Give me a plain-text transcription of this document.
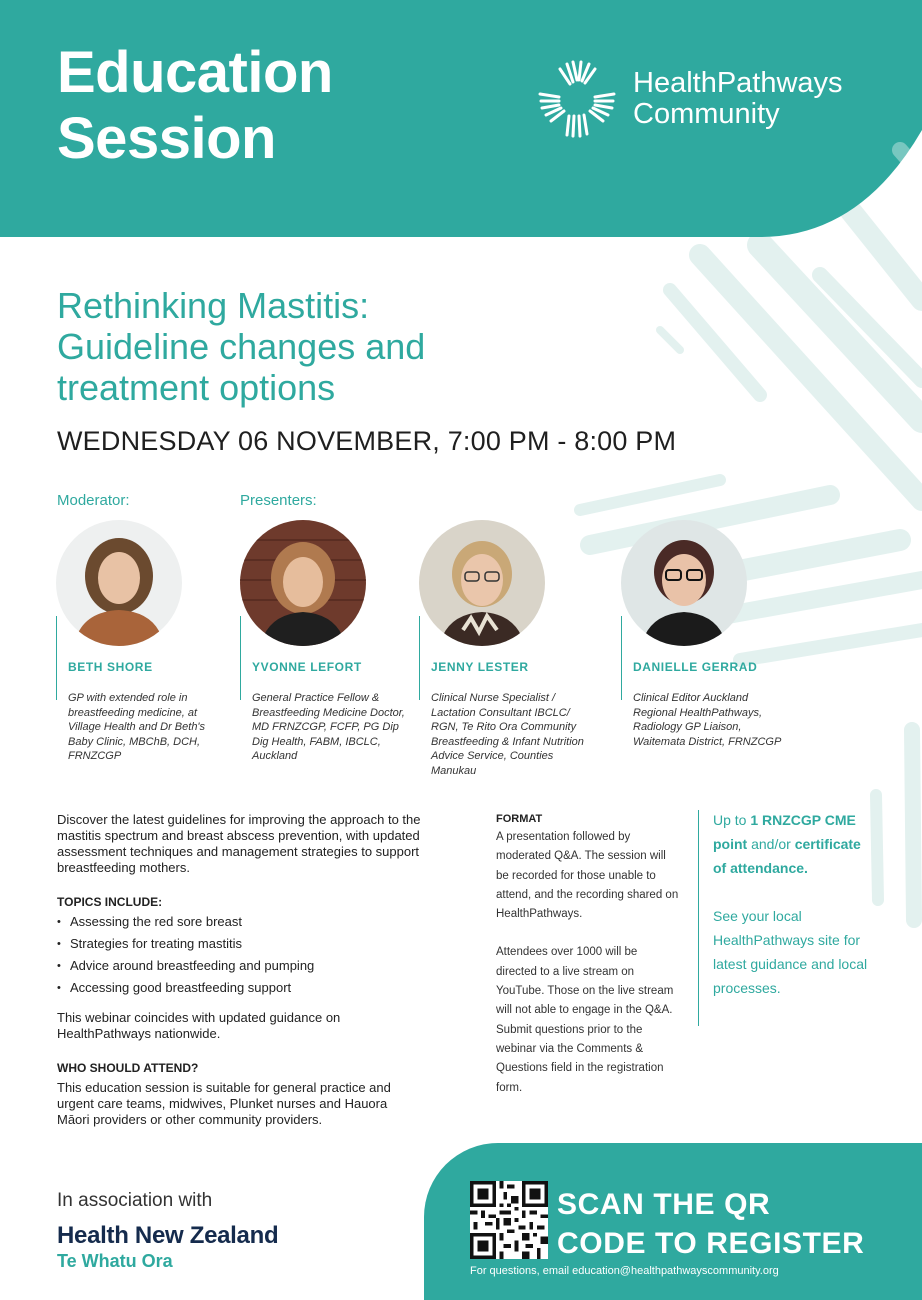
Education
Session
HealthPathways
Community
Rethinking Mastitis:
Guideline changes and
treatment options
WEDNESDAY 06 NOVEMBER, 7:00 PM - 8:00 PM
Moderator:	Presenters:
BETH SHORE
GP with extended role in breastfeeding medicine, at Village Health and Dr Beth's Baby Clinic, MBChB, DCH, FRNZCGP
YVONNE LEFORT
General Practice Fellow & Breastfeeding Medicine Doctor, MD FRNZCGP, FCFP, PG Dip Dig Health, FABM, IBCLC, Auckland
JENNY LESTER
Clinical Nurse Specialist / Lactation Consultant IBCLC/ RGN, Te Rito Ora Community Breastfeeding & Infant Nutrition Advice Service, Counties Manukau
DANIELLE GERRAD
Clinical Editor Auckland Regional HealthPathways, Radiology GP Liaison, Waitemata District, FRNZCGP

Discover the latest guidelines for improving the approach to the mastitis spectrum and breast abscess prevention, with updated assessment techniques and management strategies to support breastfeeding mothers.

TOPICS INCLUDE:
• Assessing the red sore breast
• Strategies for treating mastitis
• Advice around breastfeeding and pumping
• Accessing good breastfeeding support

This webinar coincides with updated guidance on HealthPathways nationwide.

WHO SHOULD ATTEND?

This education session is suitable for general practice and urgent care teams, midwives, Plunket nurses and Hauora Māori providers or other community providers.

FORMAT

A presentation followed by moderated Q&A. The session will be recorded for those unable to attend, and the recording shared on HealthPathways.

Attendees over 1000 will be directed to a live stream on YouTube. Those on the live stream will not able to engage in the Q&A. Submit questions prior to the webinar via the Comments & Questions field in the registration form.

Up to 1 RNZCGP CME point and/or certificate of attendance.

See your local HealthPathways site for latest guidance and local processes.

In association with
Health New Zealand
Te Whatu Ora
SCAN THE QR
CODE TO REGISTER
For questions, email education@healthpathwayscommunity.org
